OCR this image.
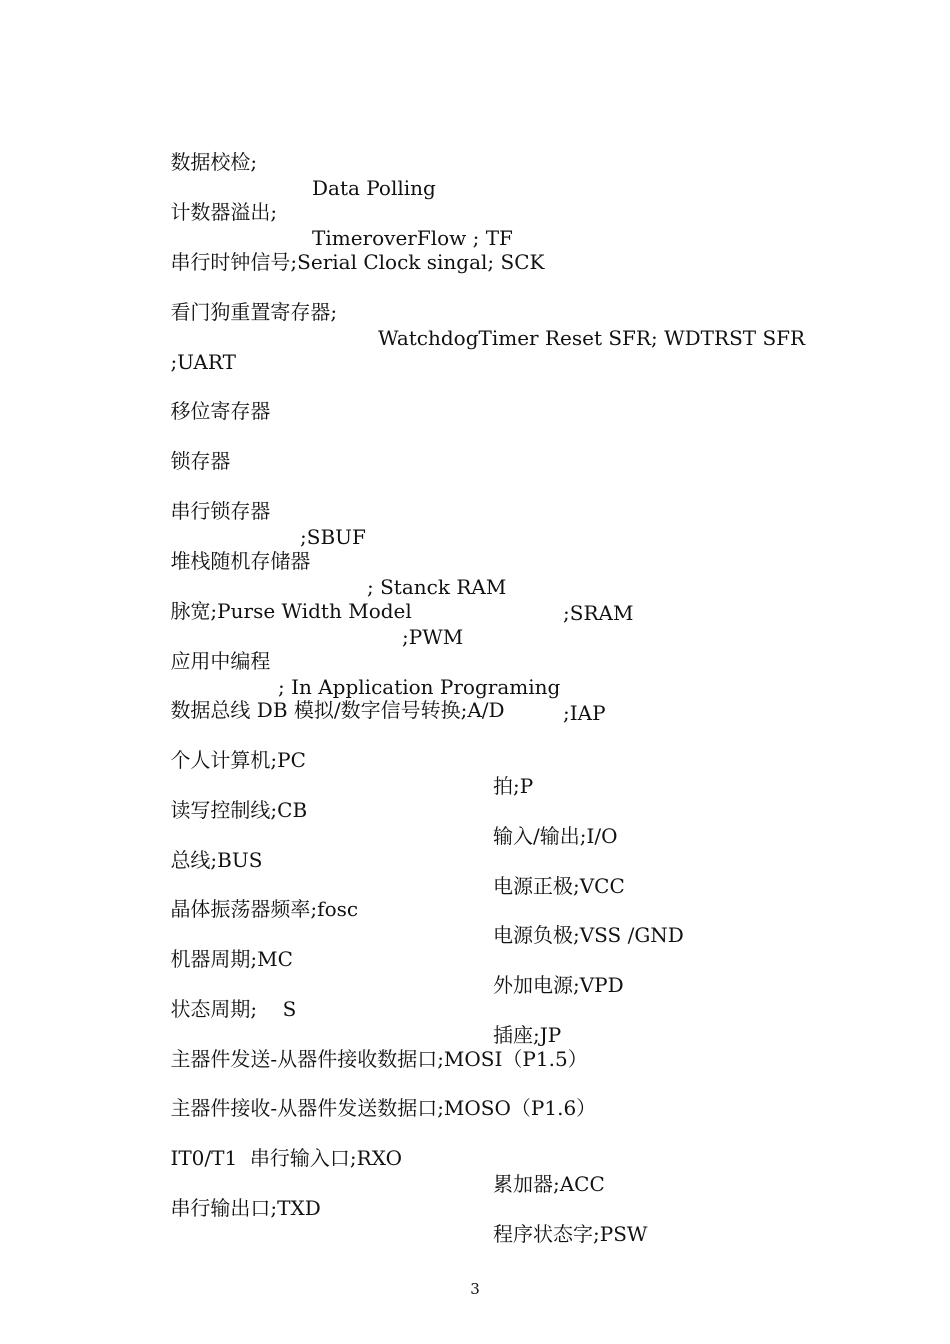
数据校检;

Data Polling

计数器溢出;

TimeroverFlow ; TF

串行时钟信号;Serial Clock singal; SCK

看门狗重置寄存器;

WatchdogTimer Reset SFR; WDTRST SFR

;UART

移位寄存器

锁存器

串行锁存器

;SBUF

堆栈随机存储器

; Stanck RAM

;SRAM

脉宽;Purse Width Model

;PWM

应用中编程

; In Application Programing

;IAP

数据总线 DB 模拟/数字信号转换;A/D

个人计算机;PC

拍;P

读写控制线;CB

输入/输出;I/O

总线;BUS

电源正极;VCC

晶体振荡器频率;fosc

电源负极;VSS /GND

机器周期;MC

外加电源;VPD

状态周期;    S

插座;JP

主器件发送-从器件接收数据口;MOSI（P1.5）

主器件接收-从器件发送数据口;MOSO（P1.6）

IT0/T1  串行输入口;RXO

累加器;ACC

串行输出口;TXD

程序状态字;PSW

3
